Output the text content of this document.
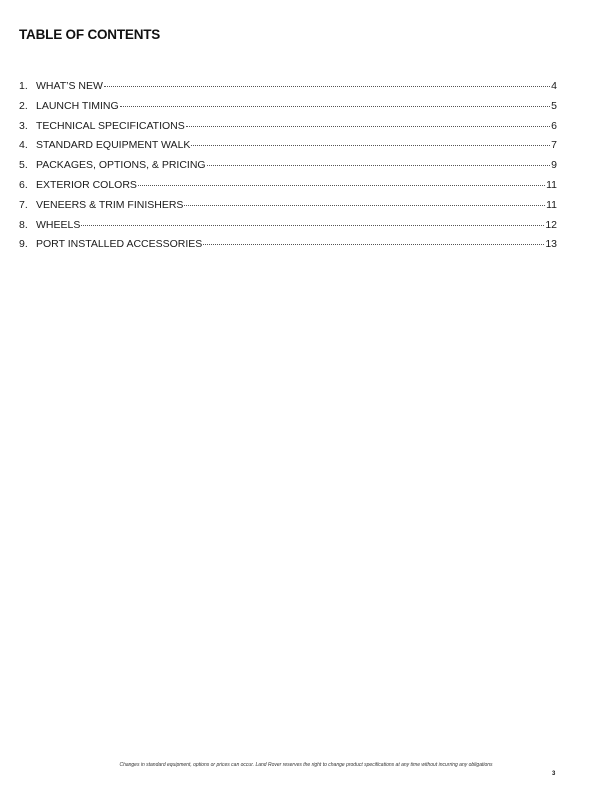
TABLE OF CONTENTS
1. WHAT’S NEW	4
2. LAUNCH TIMING	5
3. TECHNICAL SPECIFICATIONS	6
4. STANDARD EQUIPMENT WALK	7
5. PACKAGES, OPTIONS, & PRICING	9
6. EXTERIOR COLORS	11
7. VENEERS & TRIM FINISHERS	11
8. WHEELS	12
9. PORT INSTALLED ACCESSORIES	13
Changes in standard equipment, options or prices can occur. Land Rover reserves the right to change product specifications at any time without incurring any obligations
3
